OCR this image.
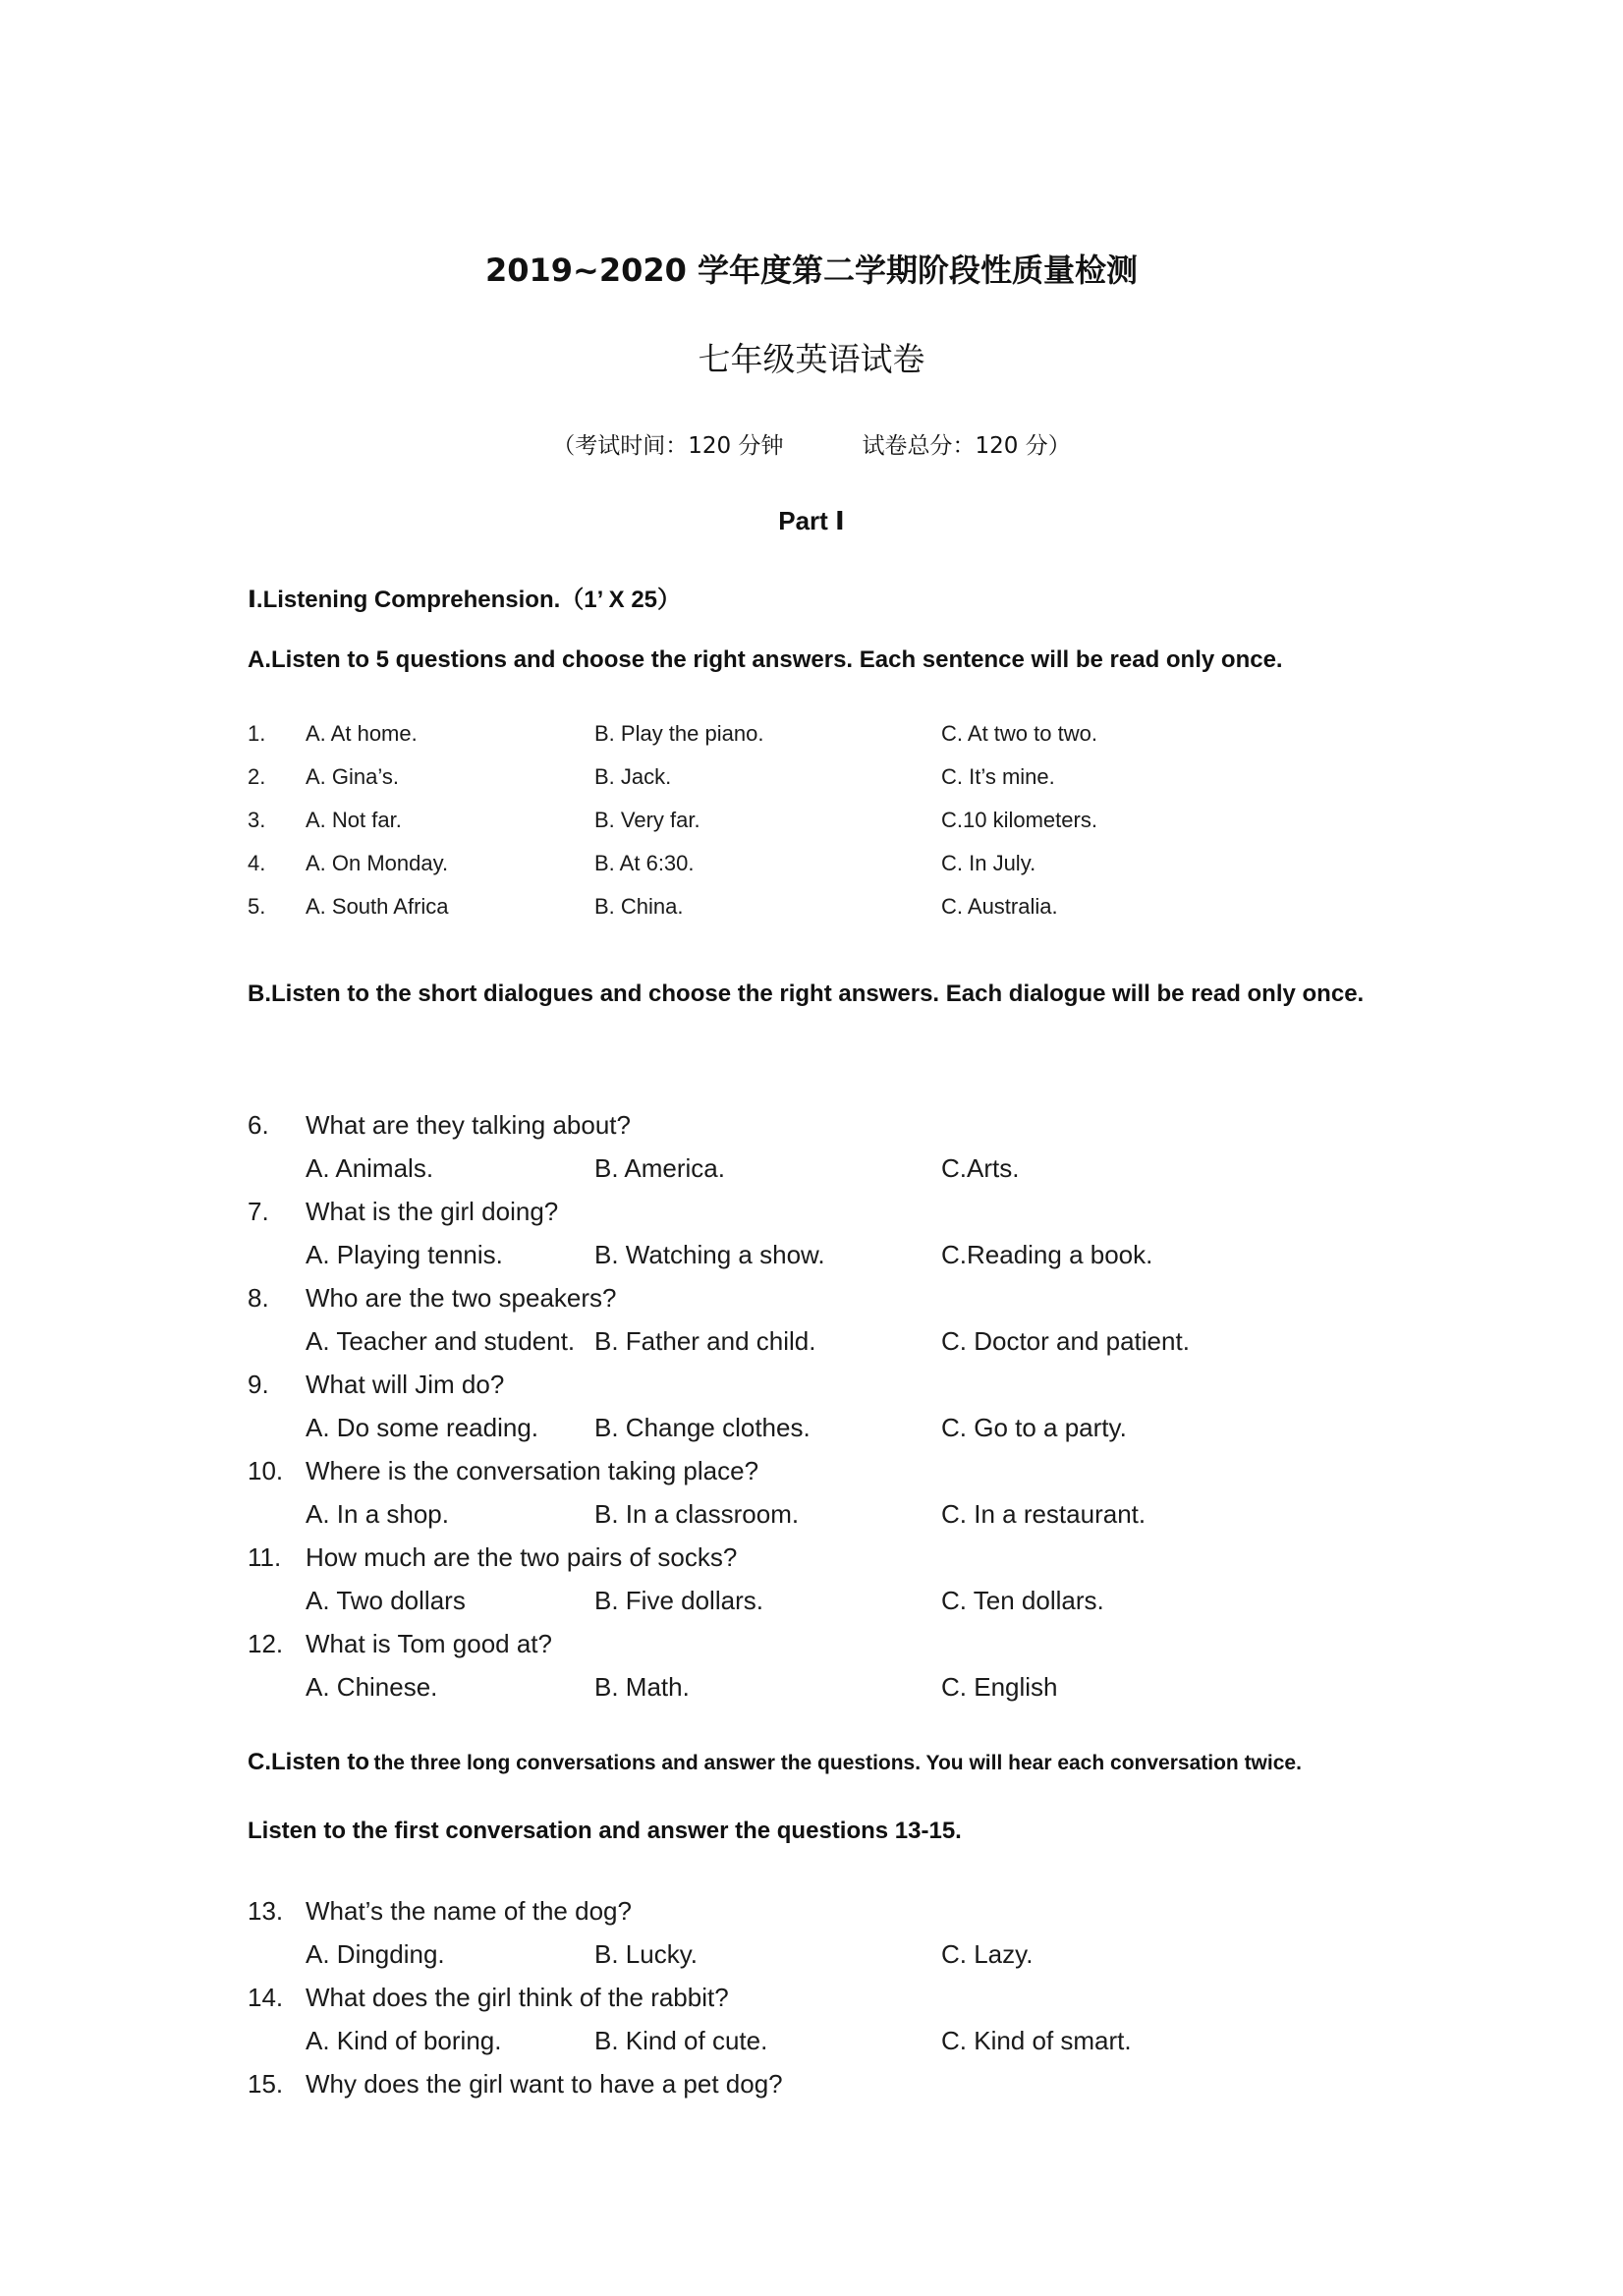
2019~2020 学年度第二学期阶段性质量检测
七年级英语试卷
（考试时间：120 分钟	试卷总分：120 分）
Part Ⅰ
Ⅰ.Listening Comprehension.（1’ X 25）
A.Listen to 5 questions and choose the right answers. Each sentence will be read only once.
1. A. At home.	B. Play the piano.	C. At two to two.
2. A. Gina’s.	B. Jack.	C. It’s mine.
3. A. Not far.	B. Very far.	C.10 kilometers.
4. A. On Monday.	B. At 6:30.	C. In July.
5. A. South Africa	B. China.	C. Australia.
B.Listen to the short dialogues and choose the right answers. Each dialogue will be read only once.
6. What are they talking about?
A. Animals.	B. America.	C.Arts.
7. What is the girl doing?
A. Playing tennis.	B. Watching a show.	C.Reading a book.
8. Who are the two speakers?
A. Teacher and student. B. Father and child.	C. Doctor and patient.
9. What will Jim do?
A. Do some reading. B. Change clothes.	C. Go to a party.
10. Where is the conversation taking place?
A. In a shop.	B. In a classroom.	C. In a restaurant.
11. How much are the two pairs of socks?
A. Two dollars	B. Five dollars.	C. Ten dollars.
12. What is Tom good at?
A. Chinese.	B. Math.	C. English
C.Listen to the three long conversations and answer the questions. You will hear each conversation twice.
Listen to the first conversation and answer the questions 13-15.
13. What’s the name of the dog?
A. Dingding.	B. Lucky.	C. Lazy.
14. What does the girl think of the rabbit?
A. Kind of boring.	B. Kind of cute.	C. Kind of smart.
15. Why does the girl want to have a pet dog?
